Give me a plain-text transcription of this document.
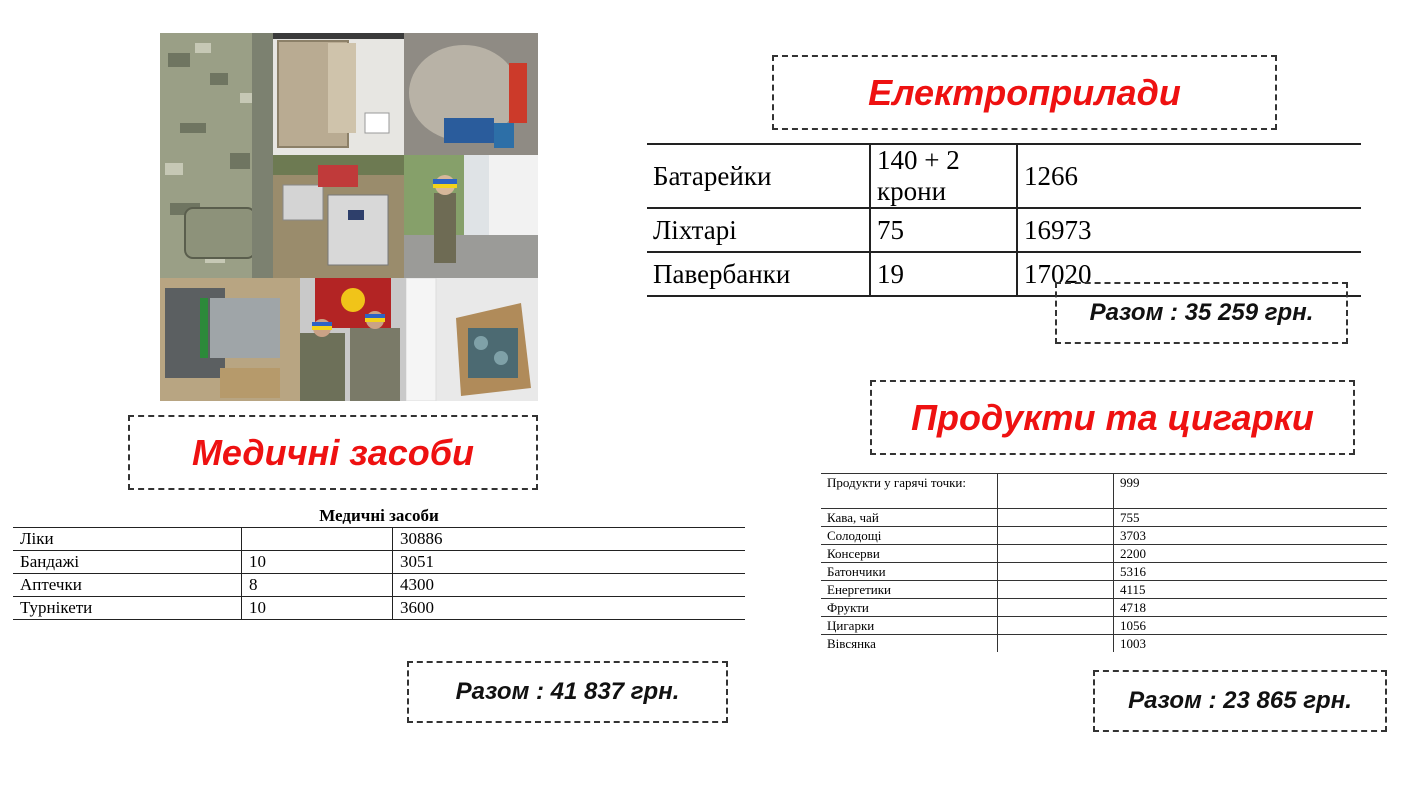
Електроприлади
Батарейки	140 + 2 крони	1266
Ліхтарі	75	16973
Павербанки	19	17020
Разом : 35 259 грн.
Медичні засоби
Медичні засоби		
Ліки		30886
Бандажі	10	3051
Аптечки	8	4300
Турнікети	10	3600
Разом : 41 837 грн.
Продукти та цигарки
Продукти у гарячі точки:		999
Кава, чай		755
Солодощі		3703
Консерви		2200
Батончики		5316
Енергетики		4115
Фрукти		4718
Цигарки		1056
Вівсянка		1003
Разом : 23 865 грн.
